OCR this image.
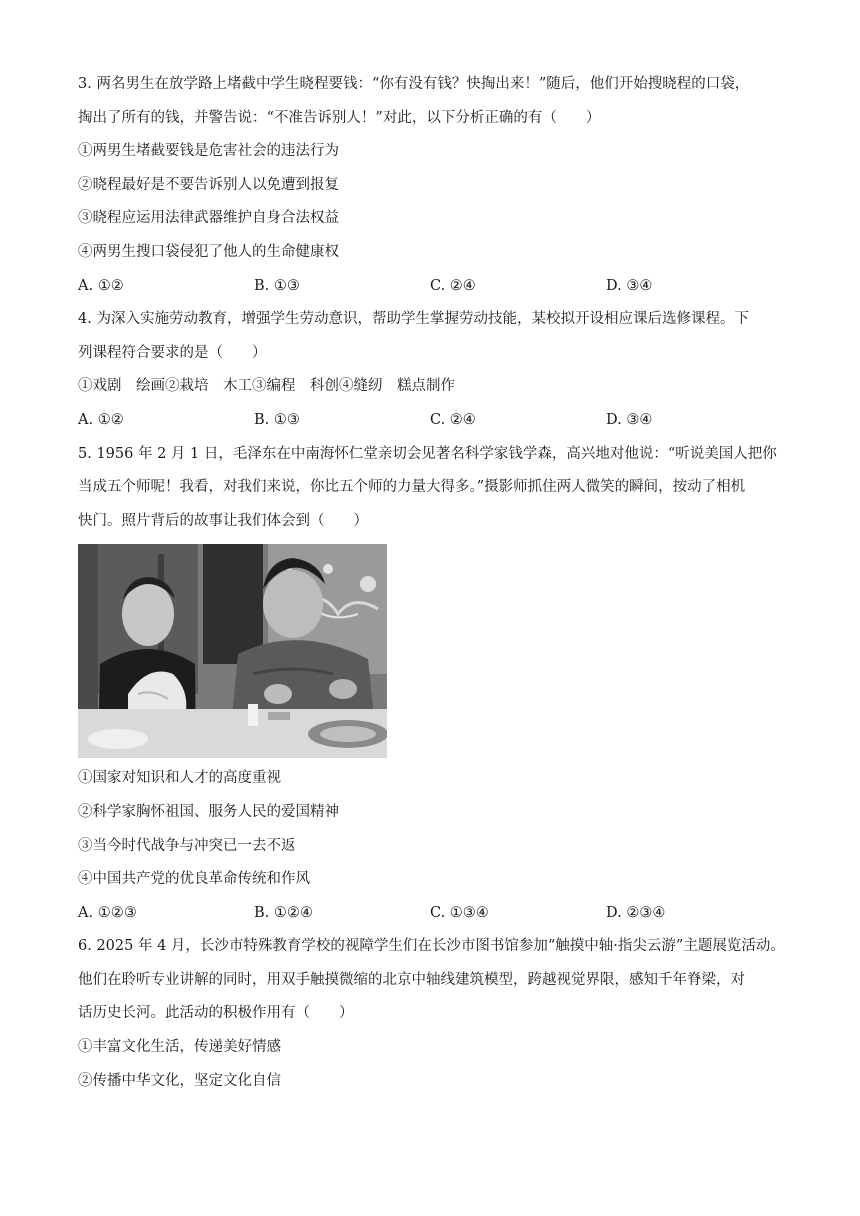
3. 两名男生在放学路上堵截中学生晓程要钱：“你有没有钱？快掏出来！”随后，他们开始搜晓程的口袋，
掏出了所有的钱，并警告说：“不准告诉别人！”对此，以下分析正确的有（　　）
①两男生堵截要钱是危害社会的违法行为
②晓程最好是不要告诉别人以免遭到报复
③晓程应运用法律武器维护自身合法权益
④两男生搜口袋侵犯了他人的生命健康权
A. ①②	B. ①③	C. ②④	D. ③④
4. 为深入实施劳动教育，增强学生劳动意识，帮助学生掌握劳动技能，某校拟开设相应课后选修课程。下
列课程符合要求的是（　　）
①戏剧　绘画②栽培　木工③编程　科创④缝纫　糕点制作
A. ①②	B. ①③	C. ②④	D. ③④
5. 1956 年 2 月 1 日，毛泽东在中南海怀仁堂亲切会见著名科学家钱学森，高兴地对他说：“听说美国人把你
当成五个师呢！我看，对我们来说，你比五个师的力量大得多。”摄影师抓住两人微笑的瞬间，按动了相机
快门。照片背后的故事让我们体会到（　　）
①国家对知识和人才的高度重视
②科学家胸怀祖国、服务人民的爱国精神
③当今时代战争与冲突已一去不返
④中国共产党的优良革命传统和作风
A. ①②③	B. ①②④	C. ①③④	D. ②③④
6. 2025 年 4 月，长沙市特殊教育学校的视障学生们在长沙市图书馆参加“触摸中轴·指尖云游”主题展览活动。
他们在聆听专业讲解的同时，用双手触摸微缩的北京中轴线建筑模型，跨越视觉界限，感知千年脊梁，对
话历史长河。此活动的积极作用有（　　）
①丰富文化生活，传递美好情感
②传播中华文化，坚定文化自信
